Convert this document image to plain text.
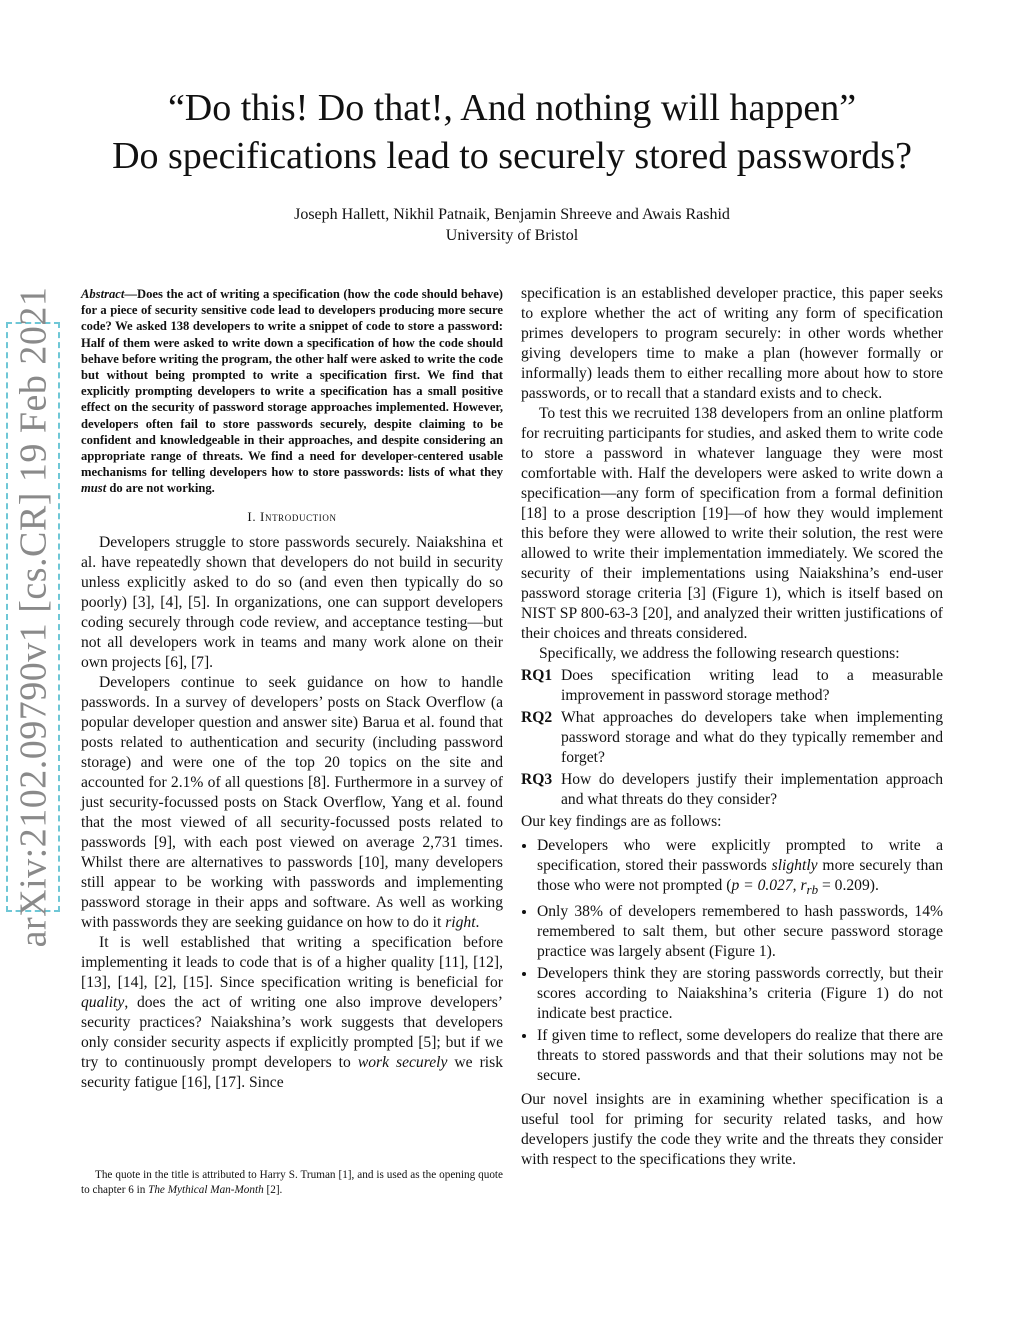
arXiv:2102.09790v1 [cs.CR] 19 Feb 2021
“Do this! Do that!, And nothing will happen”
Do specifications lead to securely stored passwords?
Joseph Hallett, Nikhil Patnaik, Benjamin Shreeve and Awais Rashid
University of Bristol
Abstract—Does the act of writing a specification (how the code should behave) for a piece of security sensitive code lead to developers producing more secure code? We asked 138 developers to write a snippet of code to store a password: Half of them were asked to write down a specification of how the code should behave before writing the program, the other half were asked to write the code but without being prompted to write a specification first. We find that explicitly prompting developers to write a specification has a small positive effect on the security of password storage approaches implemented. However, developers often fail to store passwords securely, despite claiming to be confident and knowledgeable in their approaches, and despite considering an appropriate range of threats. We find a need for developer-centered usable mechanisms for telling developers how to store passwords: lists of what they must do are not working.
I. Introduction

Developers struggle to store passwords securely. Naiakshina et al. have repeatedly shown that developers do not build in security unless explicitly asked to do so (and even then typically do so poorly) [3], [4], [5]. In organizations, one can support developers coding securely through code review, and acceptance testing—but not all developers work in teams and many work alone on their own projects [6], [7].

Developers continue to seek guidance on how to handle passwords. In a survey of developers’ posts on Stack Overflow (a popular developer question and answer site) Barua et al. found that posts related to authentication and security (including password storage) and were one of the top 20 topics on the site and accounted for 2.1% of all questions [8]. Furthermore in a survey of just security-focussed posts on Stack Overflow, Yang et al. found that the most viewed of all security-focussed posts related to passwords [9], with each post viewed on average 2,731 times. Whilst there are alternatives to passwords [10], many developers still appear to be working with passwords and implementing password storage in their apps and software. As well as working with passwords they are seeking guidance on how to do it right.

It is well established that writing a specification before implementing it leads to code that is of a higher quality [11], [12], [13], [14], [2], [15]. Since specification writing is beneficial for quality, does the act of writing one also improve developers’ security practices? Naiakshina’s work suggests that developers only consider security aspects if explicitly prompted [5]; but if we try to continuously prompt developers to work securely we risk security fatigue [16], [17]. Since

The quote in the title is attributed to Harry S. Truman [1], and is used as the opening quote to chapter 6 in The Mythical Man-Month [2].

specification is an established developer practice, this paper seeks to explore whether the act of writing any form of specification primes developers to program securely: in other words whether giving developers time to make a plan (however formally or informally) leads them to either recalling more about how to store passwords, or to recall that a standard exists and to check.

To test this we recruited 138 developers from an online platform for recruiting participants for studies, and asked them to write code to store a password in whatever language they were most comfortable with. Half the developers were asked to write down a specification—any form of specification from a formal definition [18] to a prose description [19]—of how they would implement this before they were allowed to write their solution, the rest were allowed to write their implementation immediately. We scored the security of their implementations using Naiakshina’s end-user password storage criteria [3] (Figure 1), which is itself based on NIST SP 800-63-3 [20], and analyzed their written justifications of their choices and threats considered.

Specifically, we address the following research questions:

RQ1 Does specification writing lead to a measurable improvement in password storage method?
RQ2 What approaches do developers take when implementing password storage and what do they typically remember and forget?
RQ3 How do developers justify their implementation approach and what threats do they consider?

Our key findings are as follows:

• Developers who were explicitly prompted to write a specification, stored their passwords slightly more securely than those who were not prompted (p = 0.027, $r_{rb} = 0.209$).
• Only 38% of developers remembered to hash passwords, 14% remembered to salt them, but other secure password storage practice was largely absent (Figure 1).
• Developers think they are storing passwords correctly, but their scores according to Naiakshina’s criteria (Figure 1) do not indicate best practice.
• If given time to reflect, some developers do realize that there are threats to stored passwords and that their solutions may not be secure.

Our novel insights are in examining whether specification is a useful tool for priming for security related tasks, and how developers justify the code they write and the threats they consider with respect to the specifications they write.
